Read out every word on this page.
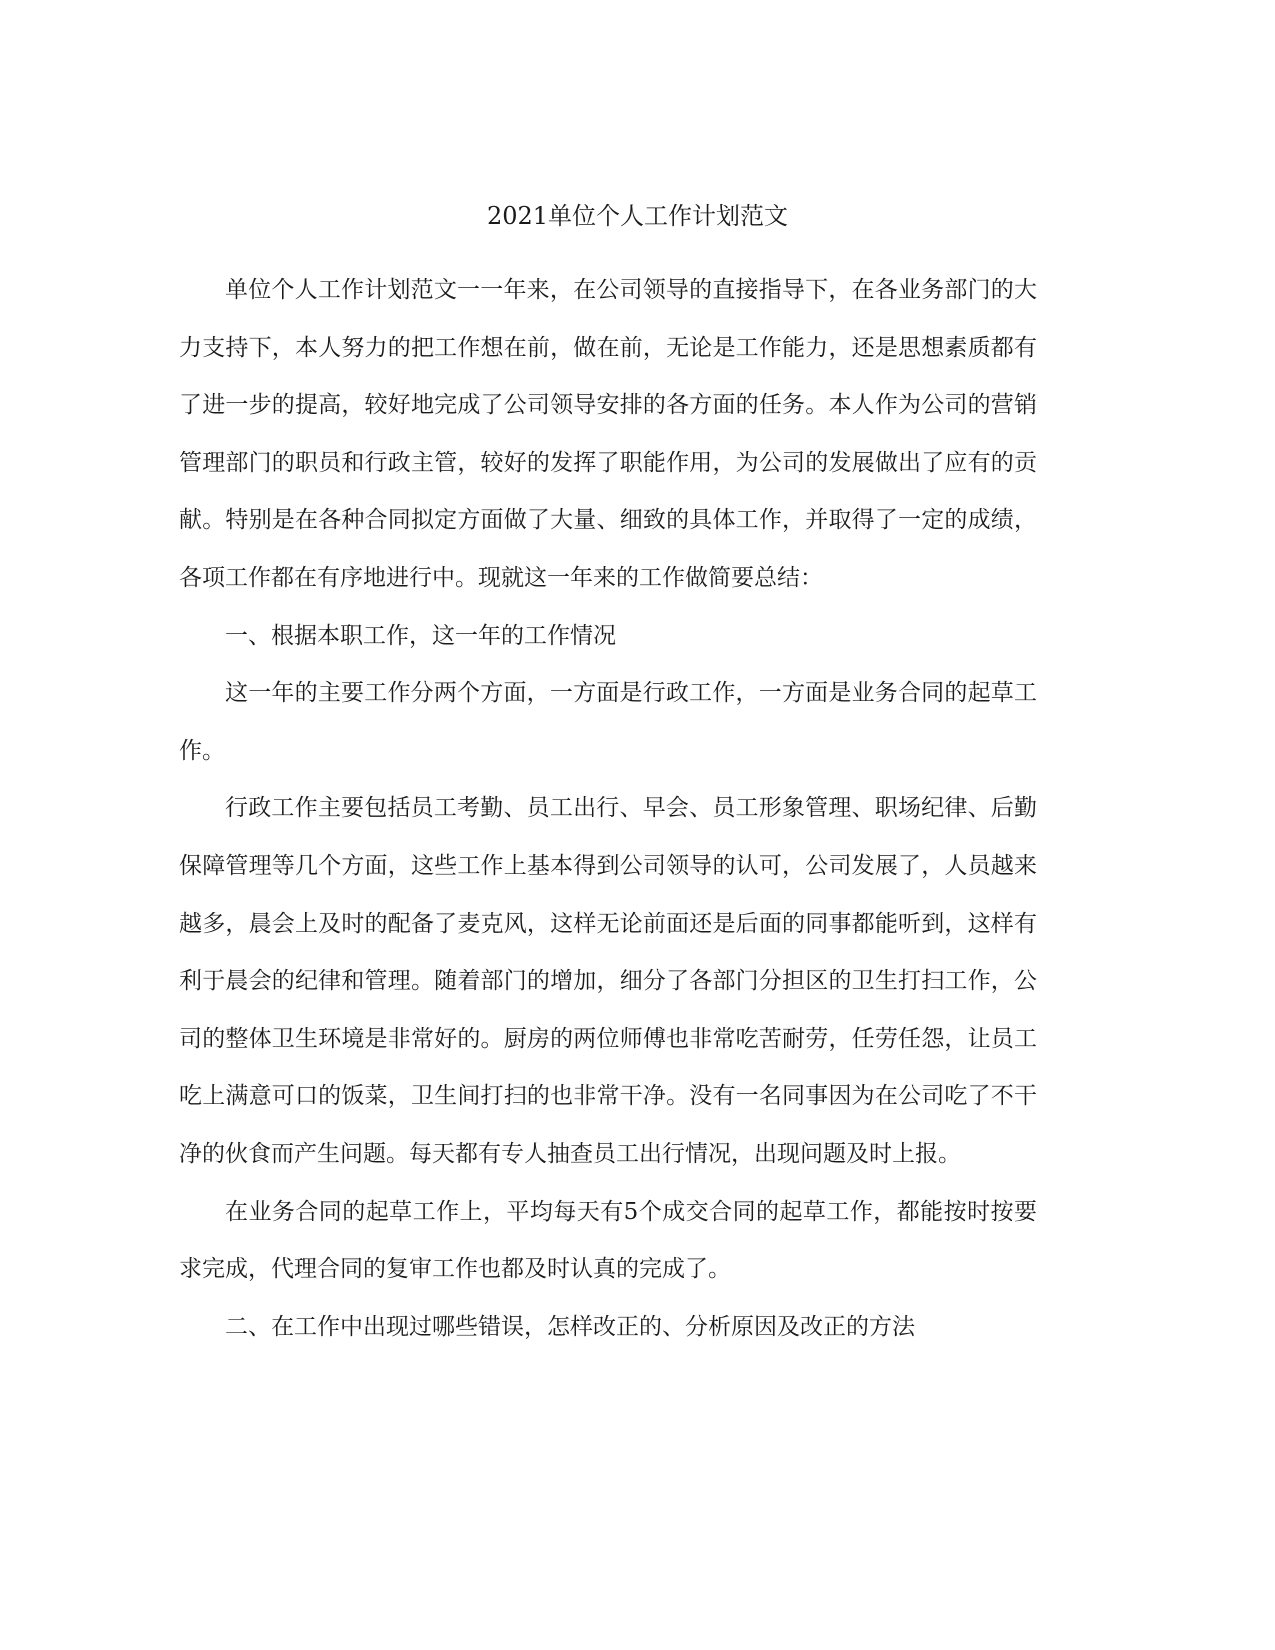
2021单位个人工作计划范文

单位个人工作计划范文一一年来，在公司领导的直接指导下，在各业务部门的大力支持下，本人努力的把工作想在前，做在前，无论是工作能力，还是思想素质都有了进一步的提高，较好地完成了公司领导安排的各方面的任务。本人作为公司的营销管理部门的职员和行政主管，较好的发挥了职能作用，为公司的发展做出了应有的贡献。特别是在各种合同拟定方面做了大量、细致的具体工作，并取得了一定的成绩，各项工作都在有序地进行中。现就这一年来的工作做简要总结：

一、根据本职工作，这一年的工作情况

这一年的主要工作分两个方面，一方面是行政工作，一方面是业务合同的起草工作。

行政工作主要包括员工考勤、员工出行、早会、员工形象管理、职场纪律、后勤保障管理等几个方面，这些工作上基本得到公司领导的认可，公司发展了，人员越来越多，晨会上及时的配备了麦克风，这样无论前面还是后面的同事都能听到，这样有利于晨会的纪律和管理。随着部门的增加，细分了各部门分担区的卫生打扫工作，公司的整体卫生环境是非常好的。厨房的两位师傅也非常吃苦耐劳，任劳任怨，让员工吃上满意可口的饭菜，卫生间打扫的也非常干净。没有一名同事因为在公司吃了不干净的伙食而产生问题。每天都有专人抽查员工出行情况，出现问题及时上报。

在业务合同的起草工作上，平均每天有5个成交合同的起草工作，都能按时按要求完成，代理合同的复审工作也都及时认真的完成了。

二、在工作中出现过哪些错误，怎样改正的、分析原因及改正的方法
